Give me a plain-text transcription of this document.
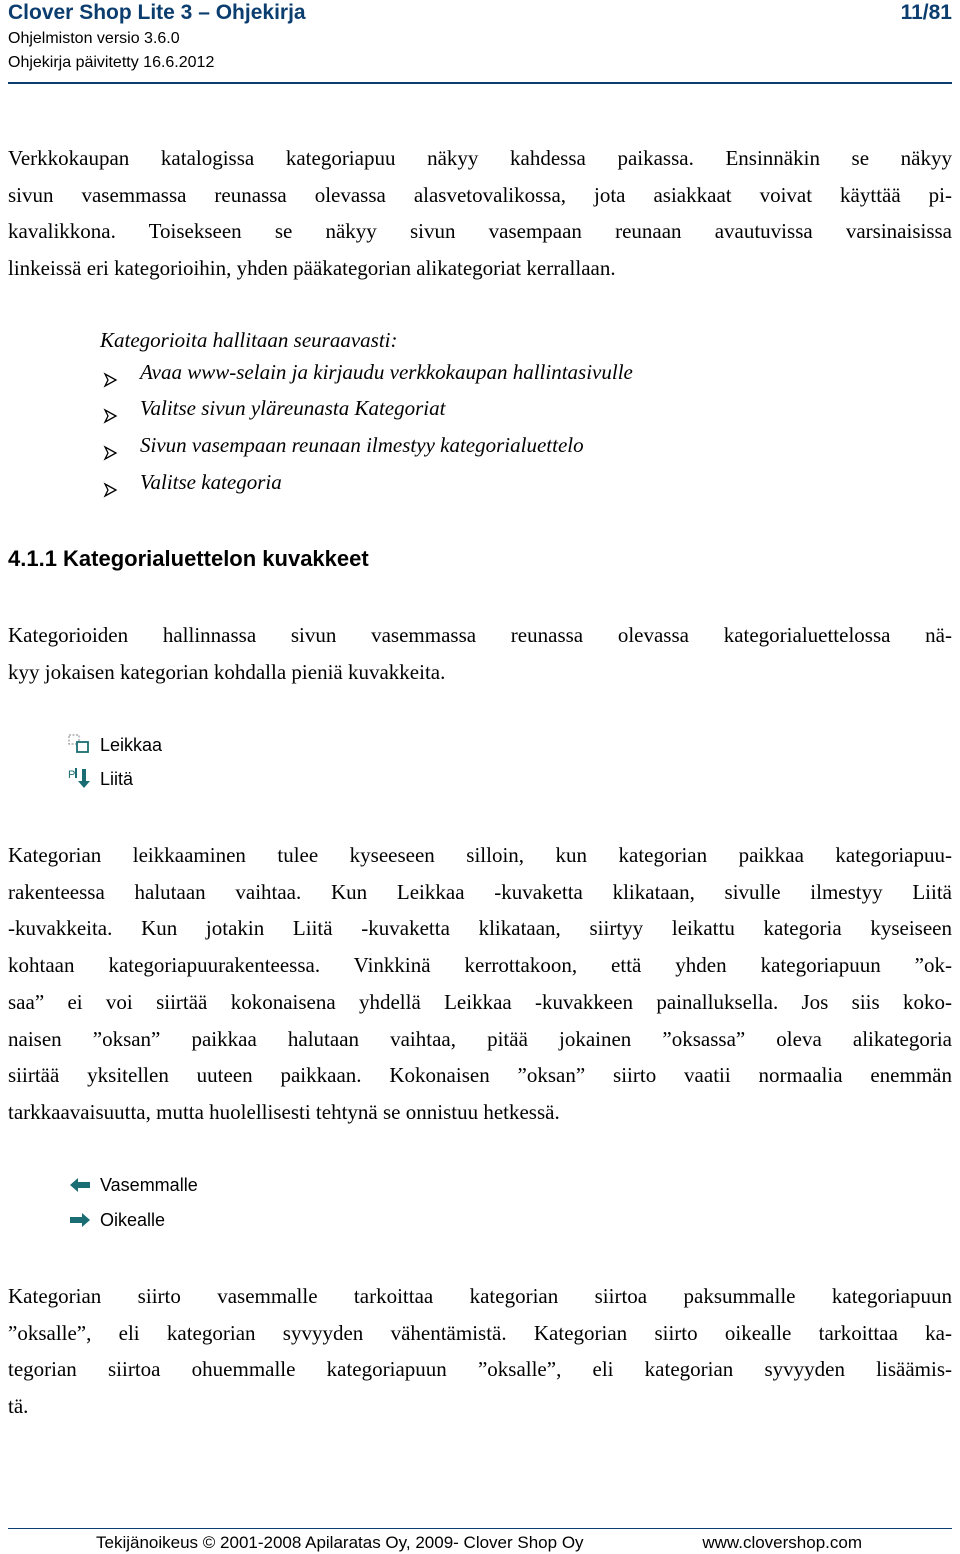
Clover Shop Lite 3 – Ohjekirja	11/81
Ohjelmiston versio 3.6.0
Ohjekirja päivitetty 16.6.2012
Verkkokaupan katalogissa kategoriapuu näkyy kahdessa paikassa. Ensinnäkin se näkyy
sivun vasemmassa reunassa olevassa alasvetovalikossa, jota asiakkaat voivat käyttää pi-
kavalikkona. Toisekseen se näkyy sivun vasempaan reunaan avautuvissa varsinaisissa
linkeissä eri kategorioihin, yhden pääkategorian alikategoriat kerrallaan.
Kategorioita hallitaan seuraavasti:
Avaa www-selain ja kirjaudu verkkokaupan hallintasivulle
Valitse sivun yläreunasta Kategoriat
Sivun vasempaan reunaan ilmestyy kategorialuettelo
Valitse kategoria
4.1.1 Kategorialuettelon kuvakkeet
Kategorioiden hallinnassa sivun vasemmassa reunassa olevassa kategorialuettelossa nä-
kyy jokaisen kategorian kohdalla pieniä kuvakkeita.
Leikkaa
P Liitä
Kategorian leikkaaminen tulee kyseeseen silloin, kun kategorian paikkaa kategoriapuu-
rakenteessa halutaan vaihtaa. Kun Leikkaa -kuvaketta klikataan, sivulle ilmestyy Liitä
-kuvakkeita. Kun jotakin Liitä -kuvaketta klikataan, siirtyy leikattu kategoria kyseiseen
kohtaan kategoriapuurakenteessa. Vinkkinä kerrottakoon, että yhden kategoriapuun ”ok-
saa” ei voi siirtää kokonaisena yhdellä Leikkaa -kuvakkeen painalluksella. Jos siis koko-
naisen ”oksan” paikkaa halutaan vaihtaa, pitää jokainen ”oksassa” oleva alikategoria
siirtää yksitellen uuteen paikkaan. Kokonaisen ”oksan” siirto vaatii normaalia enemmän
tarkkaavaisuutta, mutta huolellisesti tehtynä se onnistuu hetkessä.
Vasemmalle
Oikealle
Kategorian siirto vasemmalle tarkoittaa kategorian siirtoa paksummalle kategoriapuun
”oksalle”, eli kategorian syvyyden vähentämistä. Kategorian siirto oikealle tarkoittaa ka-
tegorian siirtoa ohuemmalle kategoriapuun ”oksalle”, eli kategorian syvyyden lisäämis-
tä.
Tekijänoikeus © 2001-2008 Apilaratas Oy, 2009- Clover Shop Oy	www.clovershop.com
